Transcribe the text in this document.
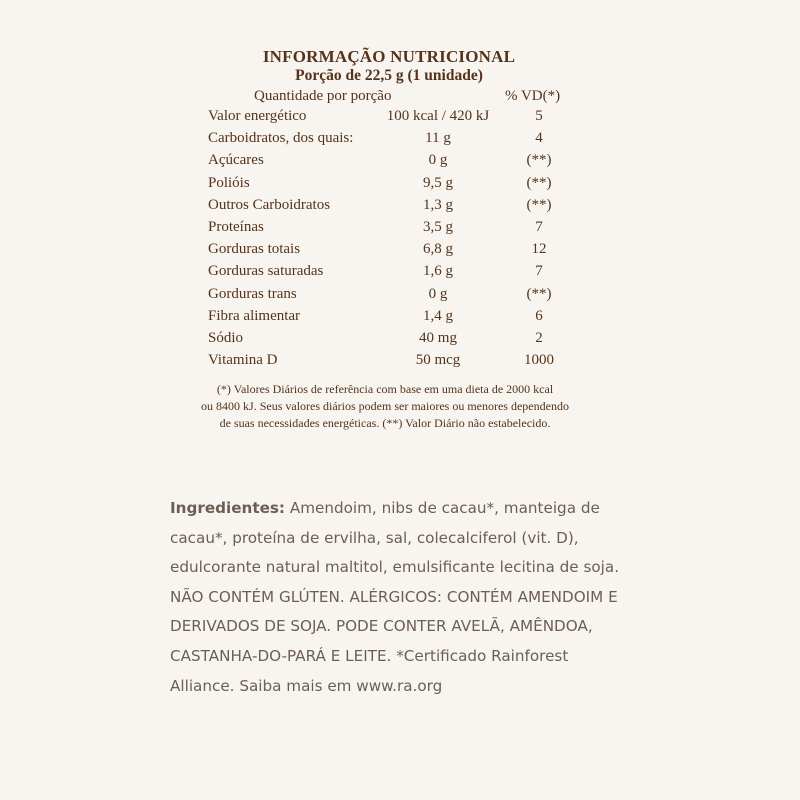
INFORMAÇÃO NUTRICIONAL
Porção de 22,5 g (1 unidade)
Quantidade por porção	% VD(*)
Valor energético	100 kcal / 420 kJ	5
Carboidratos, dos quais:	11 g	4
Açúcares	0 g	(**)
Polióis	9,5 g	(**)
Outros Carboidratos	1,3 g	(**)
Proteínas	3,5 g	7
Gorduras totais	6,8 g	12
Gorduras saturadas	1,6 g	7
Gorduras trans	0 g	(**)
Fibra alimentar	1,4 g	6
Sódio	40 mg	2
Vitamina D	50 mcg	1000
(*) Valores Diários de referência com base em uma dieta de 2000 kcal
ou 8400 kJ. Seus valores diários podem ser maiores ou menores dependendo
de suas necessidades energéticas. (**) Valor Diário não estabelecido.
Ingredientes: Amendoim, nibs de cacau*, manteiga de
cacau*, proteína de ervilha, sal, colecalciferol (vit. D),
edulcorante natural maltitol, emulsificante lecitina de soja.
NÃO CONTÉM GLÚTEN. ALÉRGICOS: CONTÉM AMENDOIM E
DERIVADOS DE SOJA. PODE CONTER AVELÃ, AMÊNDOA,
CASTANHA-DO-PARÁ E LEITE. *Certificado Rainforest
Alliance. Saiba mais em www.ra.org
